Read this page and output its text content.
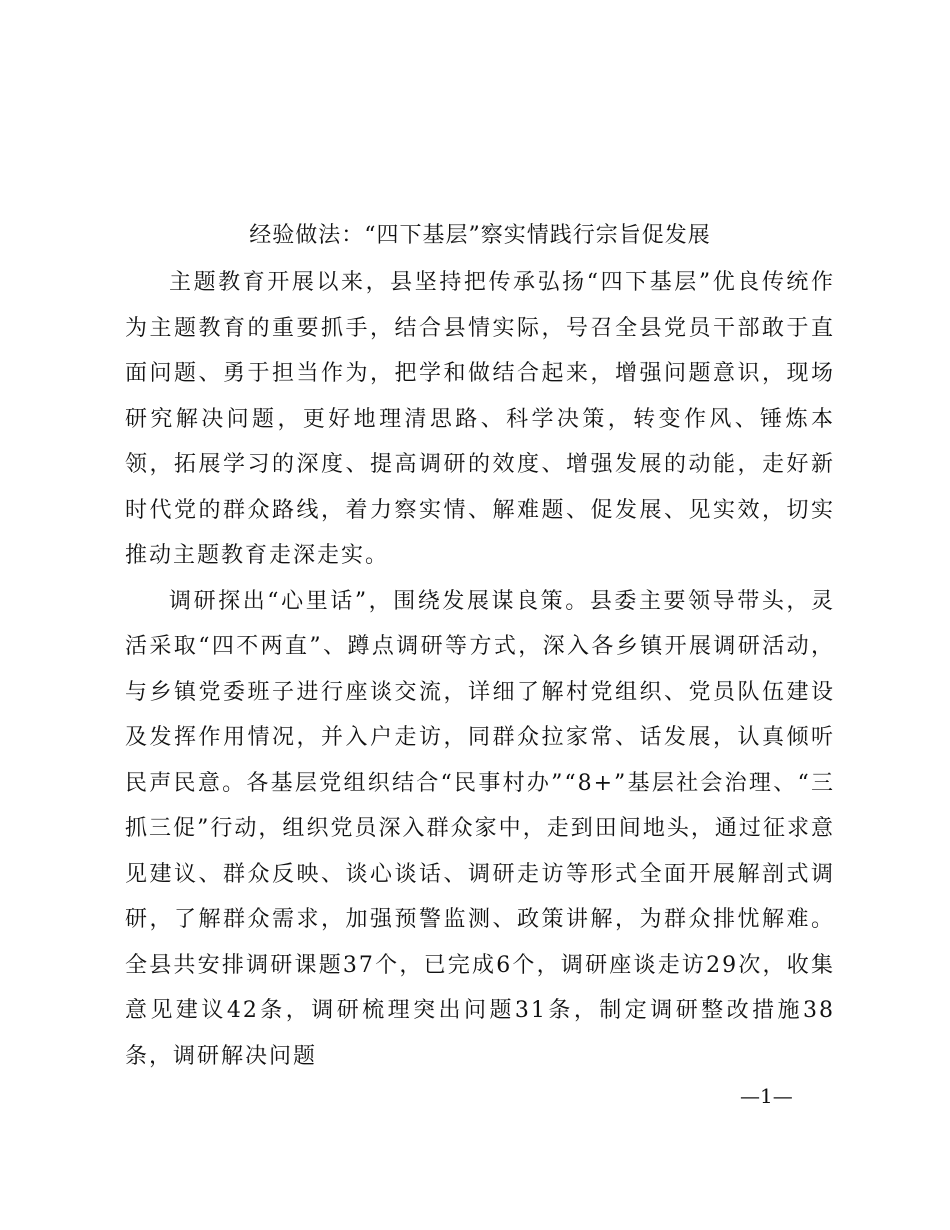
经验做法：“四下基层”察实情践行宗旨促发展

主题教育开展以来，县坚持把传承弘扬“四下基层”优良传统作为主题教育的重要抓手，结合县情实际，号召全县党员干部敢于直面问题、勇于担当作为，把学和做结合起来，增强问题意识，现场研究解决问题，更好地理清思路、科学决策，转变作风、锤炼本领，拓展学习的深度、提高调研的效度、增强发展的动能，走好新时代党的群众路线，着力察实情、解难题、促发展、见实效，切实推动主题教育走深走实。

调研探出“心里话”，围绕发展谋良策。县委主要领导带头，灵活采取“四不两直”、蹲点调研等方式，深入各乡镇开展调研活动，与乡镇党委班子进行座谈交流，详细了解村党组织、党员队伍建设及发挥作用情况，并入户走访，同群众拉家常、话发展，认真倾听民声民意。各基层党组织结合“民事村办”“8+”基层社会治理、“三抓三促”行动，组织党员深入群众家中，走到田间地头，通过征求意见建议、群众反映、谈心谈话、调研走访等形式全面开展解剖式调研，了解群众需求，加强预警监测、政策讲解，为群众排忧解难。全县共安排调研课题37个，已完成6个，调研座谈走访29次，收集意见建议42条，调研梳理突出问题31条，制定调研整改措施38条，调研解决问题

—1—
